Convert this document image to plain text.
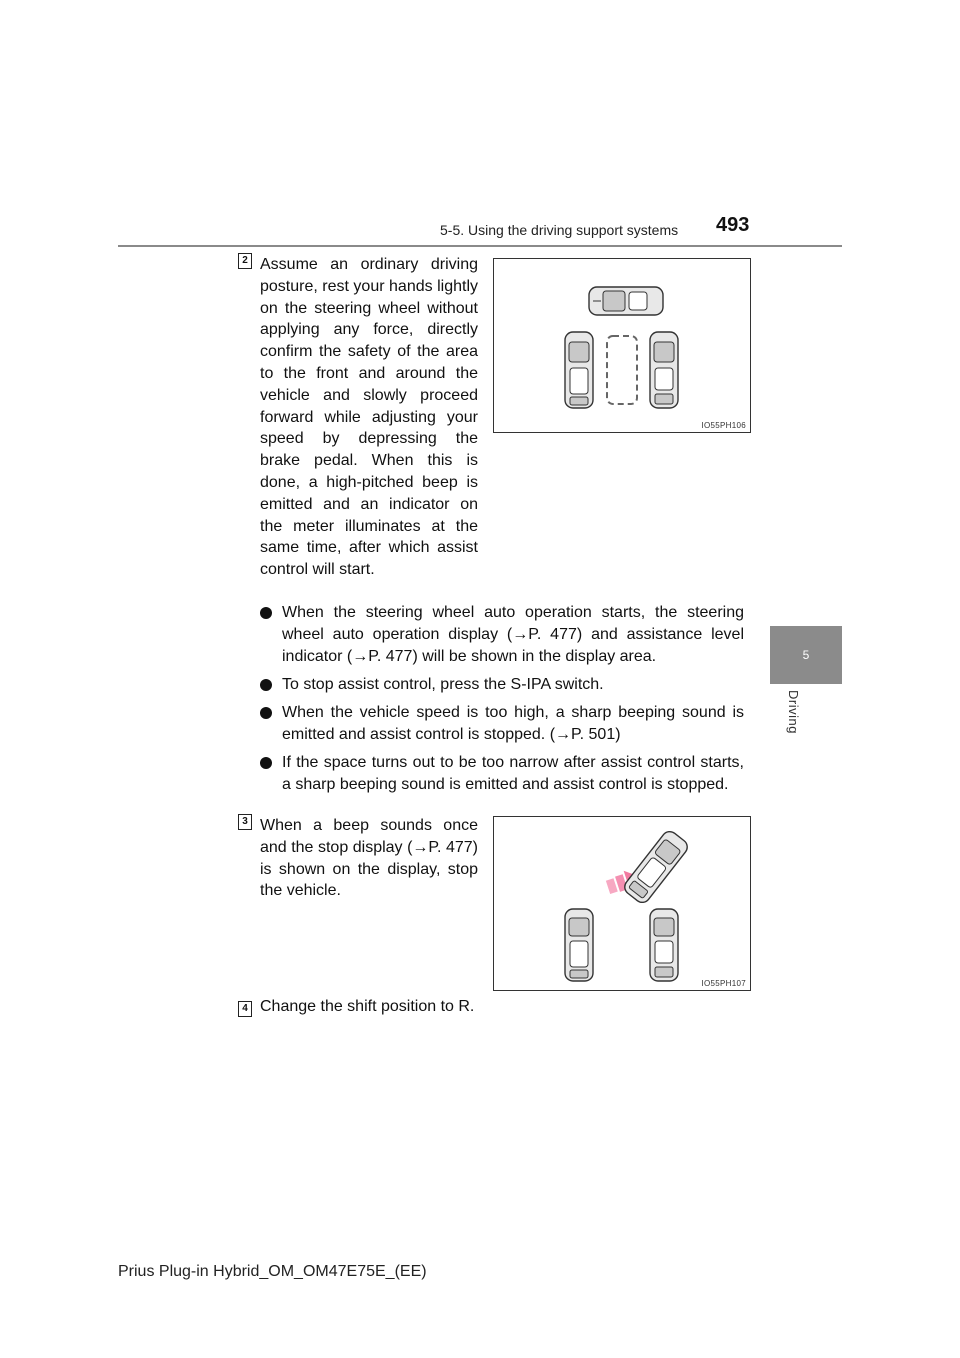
5-5. Using the driving support systems 493
5
Driving
2 Assume an ordinary driving posture, rest your hands lightly on the steering wheel without applying any force, directly confirm the safety of the area to the front and around the vehicle and slowly proceed forward while adjusting your speed by depressing the brake pedal. When this is done, a high-pitched beep is emitted and an indicator on the meter illuminates at the same time, after which assist control will start.
IO55PH106
When the steering wheel auto operation starts, the steering wheel auto operation display (→P. 477) and assistance level indicator (→P. 477) will be shown in the display area.
To stop assist control, press the S-IPA switch.
When the vehicle speed is too high, a sharp beeping sound is emitted and assist control is stopped. (→P. 501)
If the space turns out to be too narrow after assist control starts, a sharp beeping sound is emitted and assist control is stopped.
3 When a beep sounds once and the stop display (→P. 477) is shown on the display, stop the vehicle.
IO55PH107
4 Change the shift position to R.
Prius Plug-in Hybrid_OM_OM47E75E_(EE)
